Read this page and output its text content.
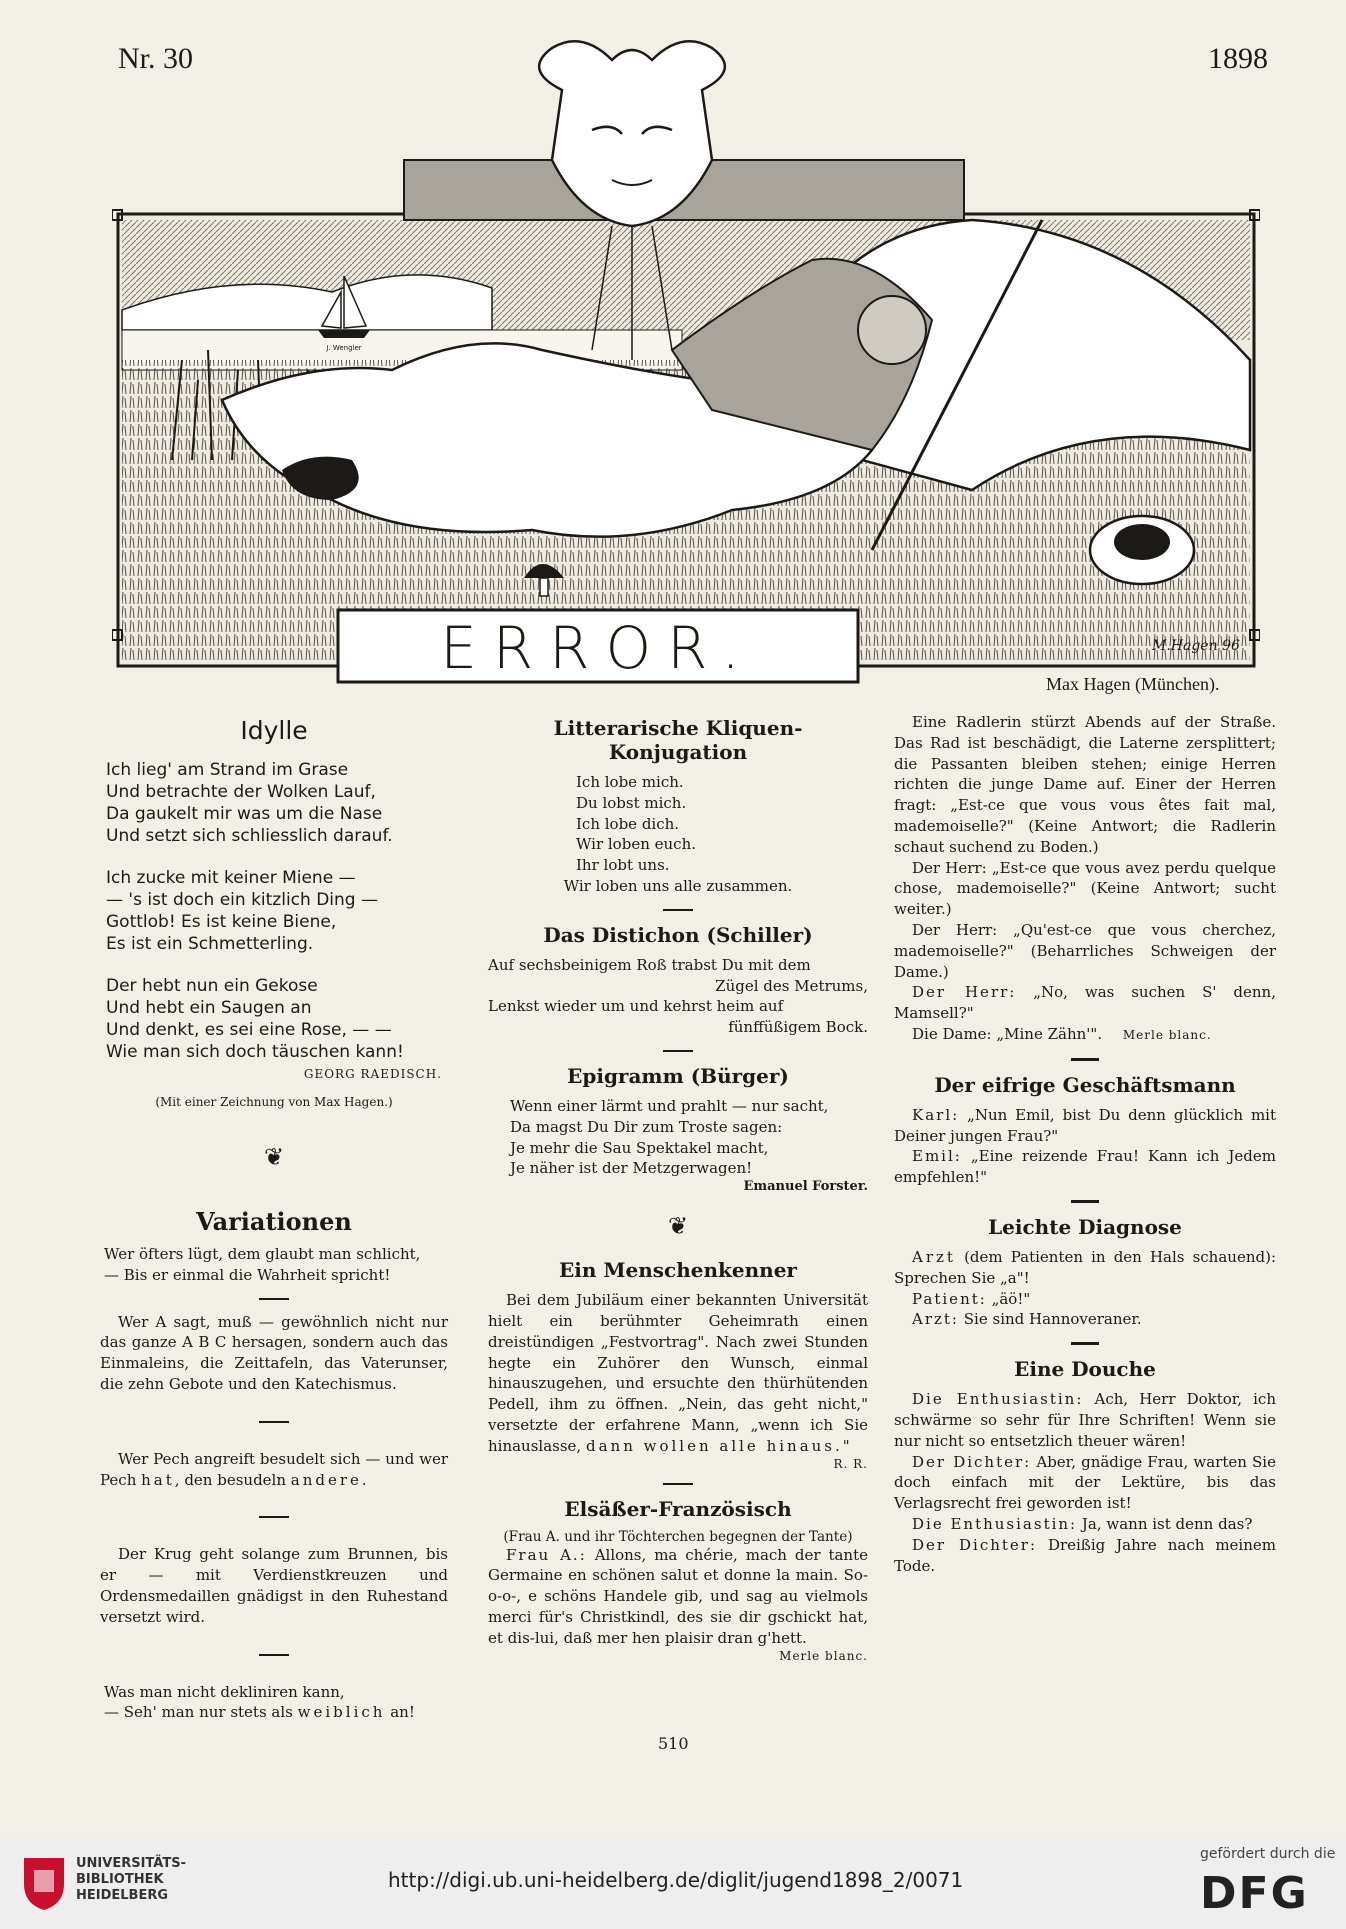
Nr. 30	1898
J. Wengler
ERROR.	M.Hagen 96
Max Hagen (München).
Idylle

Ich lieg' am Strand im Grase

Und betrachte der Wolken Lauf,

Da gaukelt mir was um die Nase

Und setzt sich schliesslich darauf.

Ich zucke mit keiner Miene —

— 's ist doch ein kitzlich Ding —

Gottlob! Es ist keine Biene,

Es ist ein Schmetterling.

Der hebt nun ein Gekose

Und hebt ein Saugen an

Und denkt, es sei eine Rose, — —

Wie man sich doch täuschen kann!

GEORG RAEDISCH.
(Mit einer Zeichnung von Max Hagen.)
❦
Variationen

Wer öfters lügt, dem glaubt man schlicht,

— Bis er einmal die Wahrheit spricht!

Wer A sagt, muß — gewöhnlich nicht nur das ganze A B C hersagen, sondern auch das Einmaleins, die Zeittafeln, das Vaterunser, die zehn Gebote und den Katechismus.

Wer Pech angreift besudelt sich — und wer Pech hat, den besudeln andere.

Der Krug geht solange zum Brunnen, bis er — mit Verdienstkreuzen und Ordensmedaillen gnädigst in den Ruhestand versetzt wird.

Was man nicht dekliniren kann,

— Seh' man nur stets als weiblich an!

Litterarische Kliquen-Konjugation

Ich lobe mich.

Du lobst mich.

Ich lobe dich.

Wir loben euch.

Ihr lobt uns.

Wir loben uns alle zusammen.

Das Distichon (Schiller)

Auf sechsbeinigem Roß trabst Du mit dem

Zügel des Metrums,

Lenkst wieder um und kehrst heim auf

fünffüßigem Bock.

Epigramm (Bürger)

Wenn einer lärmt und prahlt — nur sacht,

Da magst Du Dir zum Troste sagen:

Je mehr die Sau Spektakel macht,

Je näher ist der Metzgerwagen!

Emanuel Forster.
❦
Ein Menschenkenner

Bei dem Jubiläum einer bekannten Universität hielt ein berühmter Geheimrath einen dreistündigen „Festvortrag". Nach zwei Stunden hegte ein Zuhörer den Wunsch, einmal hinauszugehen, und ersuchte den thürhütenden Pedell, ihm zu öffnen. „Nein, das geht nicht," versetzte der erfahrene Mann, „wenn ich Sie hinauslasse, dann wollen alle hinaus."

R. R.
Elsäßer-Französisch
(Frau A. und ihr Töchterchen begegnen der Tante)

Frau A.: Allons, ma chérie, mach der tante Germaine en schönen salut et donne la main. So-o-o-, e schöns Handele gib, und sag au vielmols merci für's Christkindl, des sie dir gschickt hat, et dis-lui, daß mer hen plaisir dran g'hett.

Merle blanc.

Eine Radlerin stürzt Abends auf der Straße. Das Rad ist beschädigt, die Laterne zersplittert; die Passanten bleiben stehen; einige Herren richten die junge Dame auf. Einer der Herren fragt: „Est-ce que vous vous êtes fait mal, mademoiselle?" (Keine Antwort; die Radlerin schaut suchend zu Boden.)

Der Herr: „Est-ce que vous avez perdu quelque chose, mademoiselle?" (Keine Antwort; sucht weiter.)

Der Herr: „Qu'est-ce que vous cherchez, mademoiselle?" (Beharrliches Schweigen der Dame.)

Der Herr: „No, was suchen S' denn, Mamsell?"

Die Dame: „Mine Zähn'". Merle blanc.

Der eifrige Geschäftsmann

Karl: „Nun Emil, bist Du denn glücklich mit Deiner jungen Frau?"

Emil: „Eine reizende Frau! Kann ich Jedem empfehlen!"

Leichte Diagnose

Arzt (dem Patienten in den Hals schauend): Sprechen Sie „a"!

Patient: „äö!"

Arzt: Sie sind Hannoveraner.

Eine Douche

Die Enthusiastin: Ach, Herr Doktor, ich schwärme so sehr für Ihre Schriften! Wenn sie nur nicht so entsetzlich theuer wären!

Der Dichter: Aber, gnädige Frau, warten Sie doch einfach mit der Lektüre, bis das Verlagsrecht frei geworden ist!

Die Enthusiastin: Ja, wann ist denn das?

Der Dichter: Dreißig Jahre nach meinem Tode.

510
UNIVERSITÄTS-
BIBLIOTHEK
HEIDELBERG
http://digi.ub.uni-heidelberg.de/diglit/jugend1898_2/0071
gefördert durch die
DFG
